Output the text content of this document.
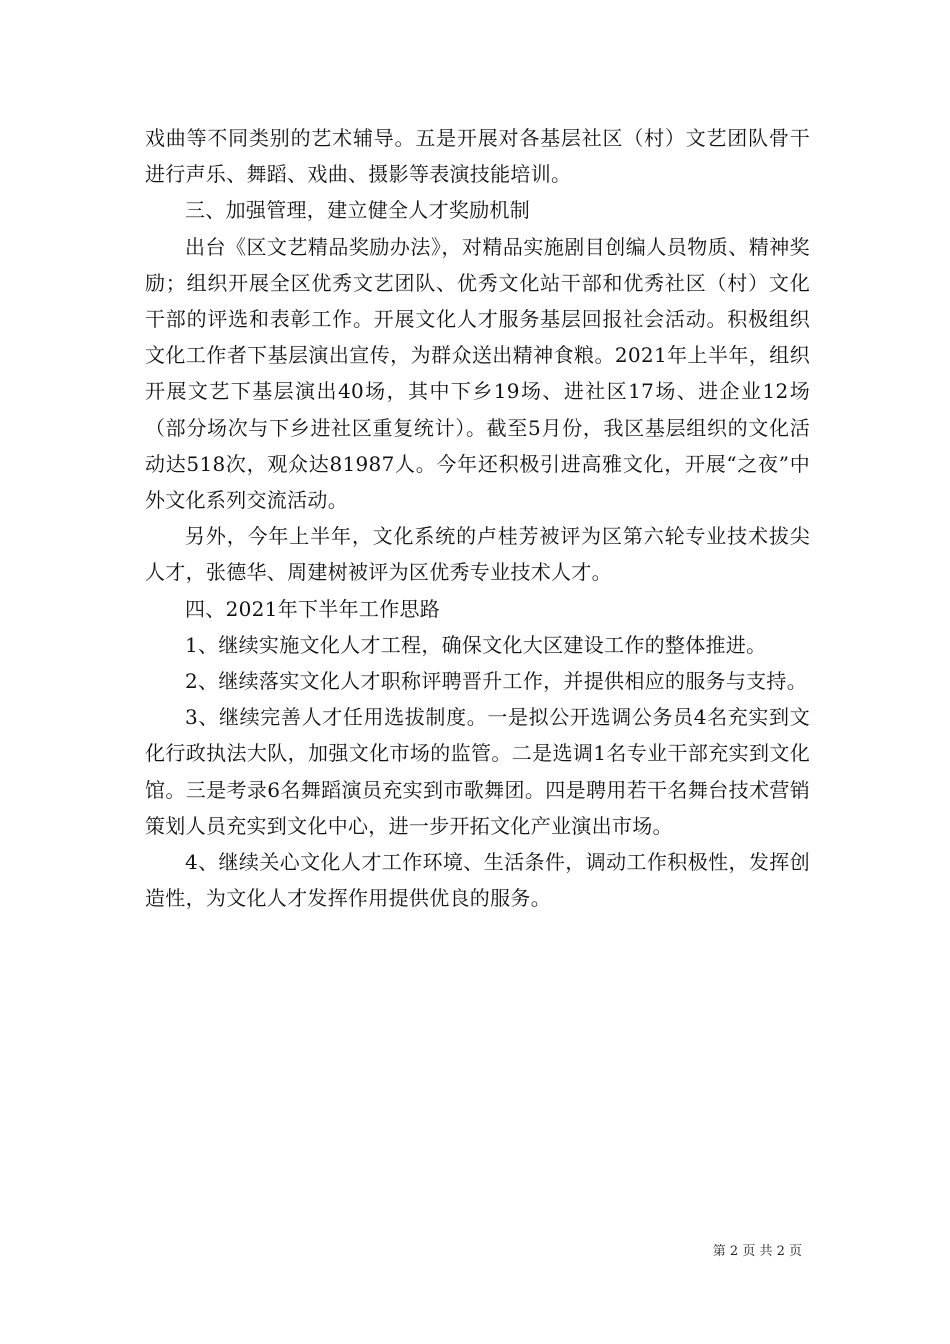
戏曲等不同类别的艺术辅导。五是开展对各基层社区（村）文艺团队骨干进行声乐、舞蹈、戏曲、摄影等表演技能培训。

三、加强管理，建立健全人才奖励机制

出台《区文艺精品奖励办法》，对精品实施剧目创编人员物质、精神奖励；组织开展全区优秀文艺团队、优秀文化站干部和优秀社区（村）文化干部的评选和表彰工作。开展文化人才服务基层回报社会活动。积极组织文化工作者下基层演出宣传，为群众送出精神食粮。2021年上半年，组织开展文艺下基层演出40场，其中下乡19场、进社区17场、进企业12场（部分场次与下乡进社区重复统计）。截至5月份，我区基层组织的文化活动达518次，观众达81987人。今年还积极引进高雅文化，开展“之夜”中外文化系列交流活动。

另外，今年上半年，文化系统的卢桂芳被评为区第六轮专业技术拔尖人才，张德华、周建树被评为区优秀专业技术人才。

四、2021年下半年工作思路

1、继续实施文化人才工程，确保文化大区建设工作的整体推进。

2、继续落实文化人才职称评聘晋升工作，并提供相应的服务与支持。

3、继续完善人才任用选拔制度。一是拟公开选调公务员4名充实到文化行政执法大队，加强文化市场的监管。二是选调1名专业干部充实到文化馆。三是考录6名舞蹈演员充实到市歌舞团。四是聘用若干名舞台技术营销策划人员充实到文化中心，进一步开拓文化产业演出市场。

4、继续关心文化人才工作环境、生活条件，调动工作积极性，发挥创造性，为文化人才发挥作用提供优良的服务。

第 2 页 共 2 页
